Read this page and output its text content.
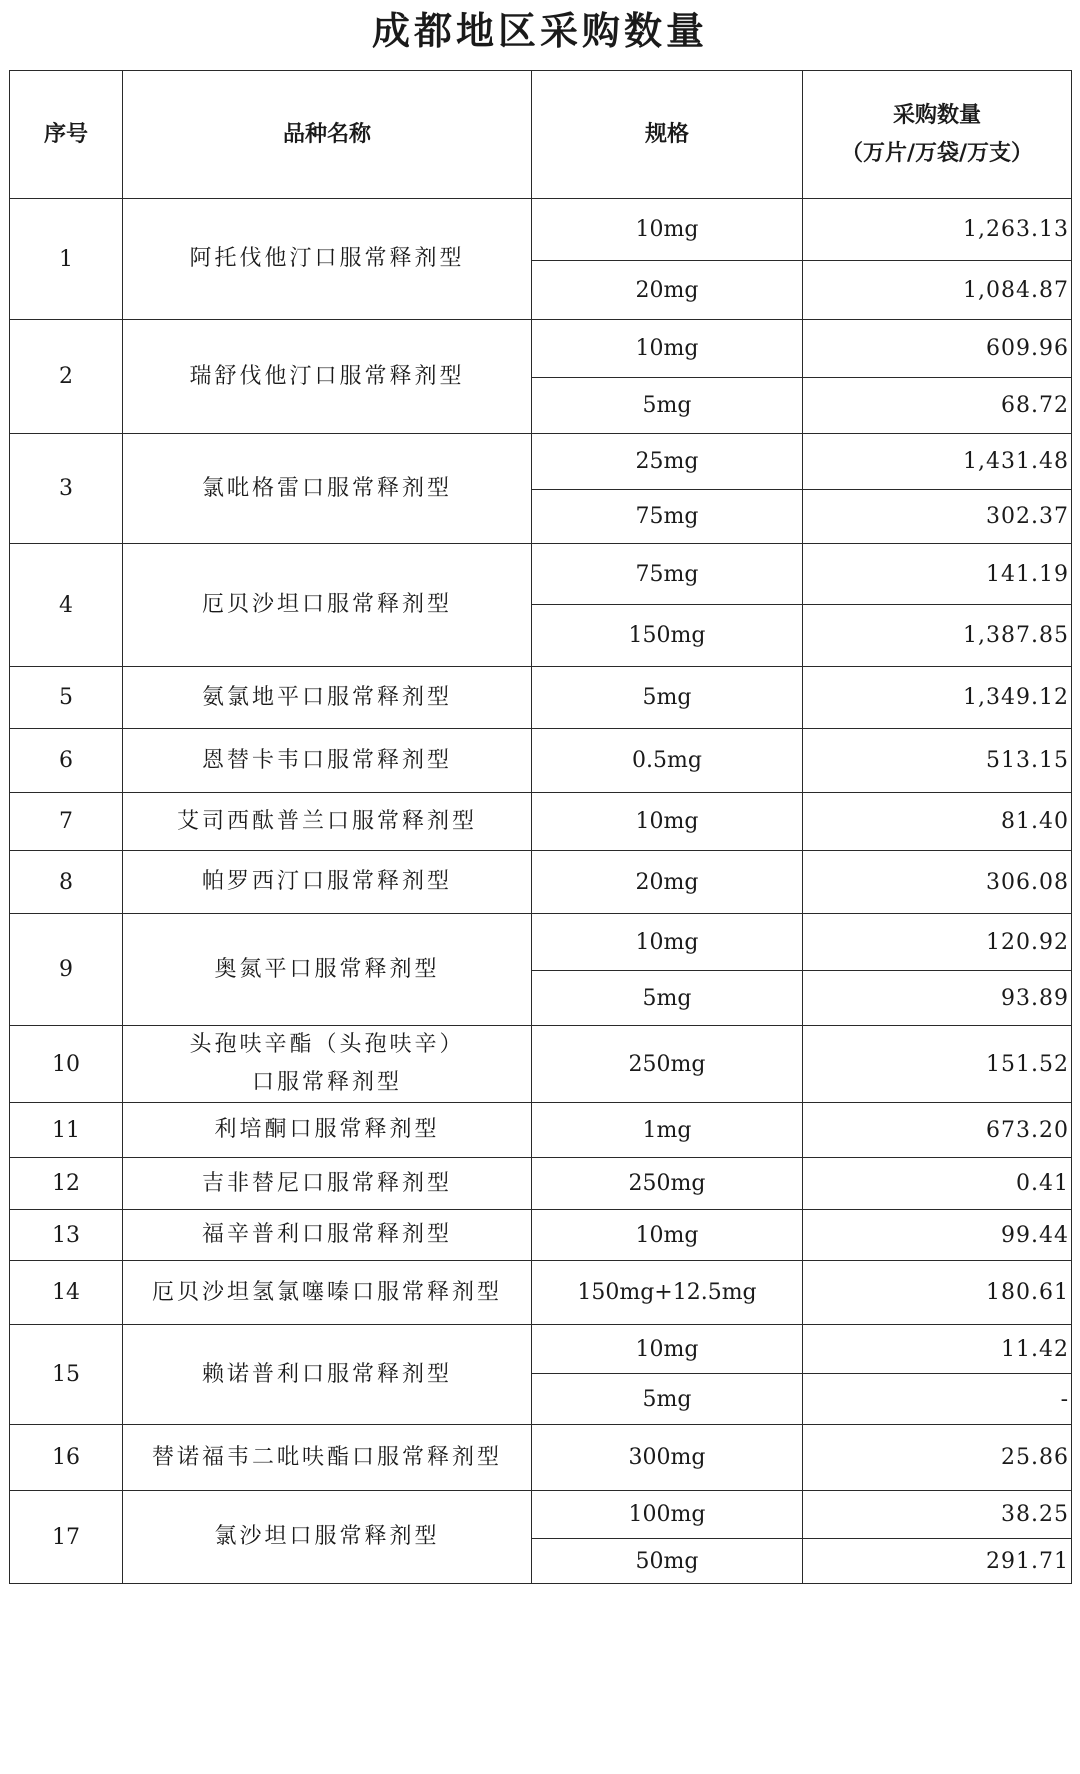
成都地区采购数量
序号	品种名称	规格	采购数量
（万片/万袋/万支）

1	阿托伐他汀口服常释剂型	10mg	1,263.13
		20mg	1,084.87
2	瑞舒伐他汀口服常释剂型	10mg	609.96
		5mg	68.72
3	氯吡格雷口服常释剂型	25mg	1,431.48
		75mg	302.37
4	厄贝沙坦口服常释剂型	75mg	141.19
		150mg	1,387.85
5	氨氯地平口服常释剂型	5mg	1,349.12
6	恩替卡韦口服常释剂型	0.5mg	513.15
7	艾司西酞普兰口服常释剂型	10mg	81.40
8	帕罗西汀口服常释剂型	20mg	306.08
9	奥氮平口服常释剂型	10mg	120.92
		5mg	93.89
10	头孢呋辛酯（头孢呋辛）
口服常释剂型	250mg	151.52
11	利培酮口服常释剂型	1mg	673.20
12	吉非替尼口服常释剂型	250mg	0.41
13	福辛普利口服常释剂型	10mg	99.44
14	厄贝沙坦氢氯噻嗪口服常释剂型	150mg+12.5mg	180.61
15	赖诺普利口服常释剂型	10mg	11.42
		5mg	-
16	替诺福韦二吡呋酯口服常释剂型	300mg	25.86
17	氯沙坦口服常释剂型	100mg	38.25
		50mg	291.71
